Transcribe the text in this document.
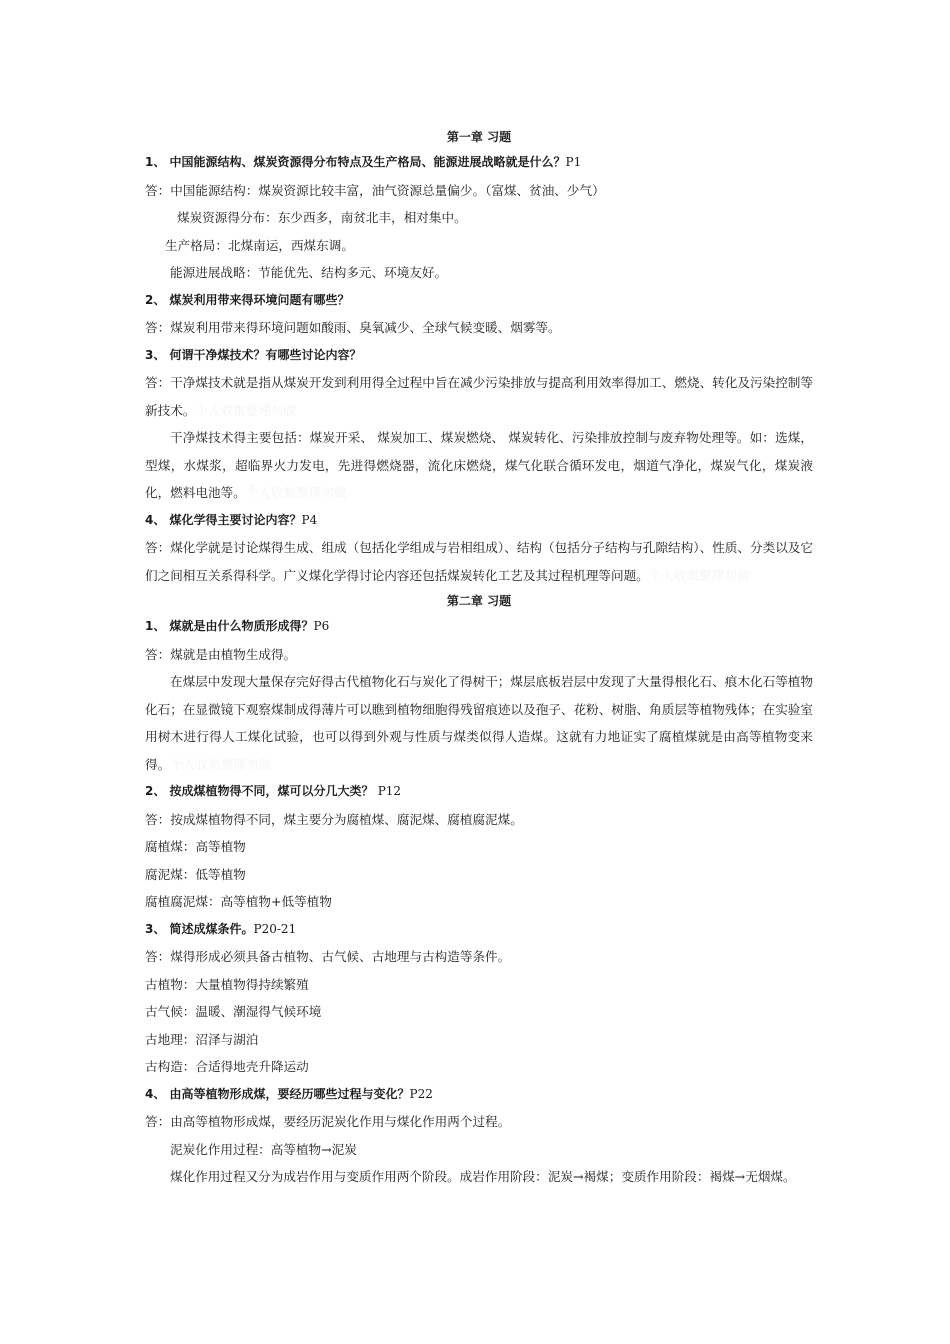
第一章 习题
1、 中国能源结构、煤炭资源得分布特点及生产格局、能源进展战略就是什么？P1
答：中国能源结构：煤炭资源比较丰富，油气资源总量偏少。（富煤、贫油、少气）
煤炭资源得分布：东少西多，南贫北丰，相对集中。
生产格局：北煤南运，西煤东调。
能源进展战略：节能优先、结构多元、环境友好。
2、 煤炭利用带来得环境问题有哪些？
答：煤炭利用带来得环境问题如酸雨、臭氧减少、全球气候变暖、烟雾等。
3、 何谓干净煤技术？有哪些讨论内容？
答：干净煤技术就是指从煤炭开发到利用得全过程中旨在减少污染排放与提高利用效率得加工、燃烧、转化及污染控制等新技术。个人收集整理勿做
干净煤技术得主要包括：煤炭开采、 煤炭加工、煤炭燃烧、 煤炭转化、污染排放控制与废弃物处理等。如：选煤，型煤，水煤浆，超临界火力发电，先进得燃烧器，流化床燃烧，煤气化联合循环发电，烟道气净化，煤炭气化，煤炭液化，燃料电池等。个人收集整理勿做
4、 煤化学得主要讨论内容？P4
答：煤化学就是讨论煤得生成、组成（包括化学组成与岩相组成）、结构（包括分子结构与孔隙结构）、性质、分类以及它们之间相互关系得科学。广义煤化学得讨论内容还包括煤炭转化工艺及其过程机理等问题。个人收集整理勿做
第二章 习题
1、 煤就是由什么物质形成得？P6
答：煤就是由植物生成得。
在煤层中发现大量保存完好得古代植物化石与炭化了得树干；煤层底板岩层中发现了大量得根化石、痕木化石等植物化石；在显微镜下观察煤制成得薄片可以瞧到植物细胞得残留痕迹以及孢子、花粉、树脂、角质层等植物残体；在实验室用树木进行得人工煤化试验，也可以得到外观与性质与煤类似得人造煤。这就有力地证实了腐植煤就是由高等植物变来得。个人收集整理勿做
2、 按成煤植物得不同，煤可以分几大类？ P12
答：按成煤植物得不同，煤主要分为腐植煤、腐泥煤、腐植腐泥煤。
腐植煤：高等植物
腐泥煤：低等植物
腐植腐泥煤：高等植物+低等植物
3、 简述成煤条件。P20-21
答：煤得形成必须具备古植物、古气候、古地理与古构造等条件。
古植物：大量植物得持续繁殖
古气候：温暖、潮湿得气候环境
古地理：沼泽与湖泊
古构造：合适得地壳升降运动
4、 由高等植物形成煤，要经历哪些过程与变化？P22
答：由高等植物形成煤，要经历泥炭化作用与煤化作用两个过程。
泥炭化作用过程：高等植物→泥炭
煤化作用过程又分为成岩作用与变质作用两个阶段。成岩作用阶段：泥炭→褐煤；变质作用阶段：褐煤→无烟煤。
